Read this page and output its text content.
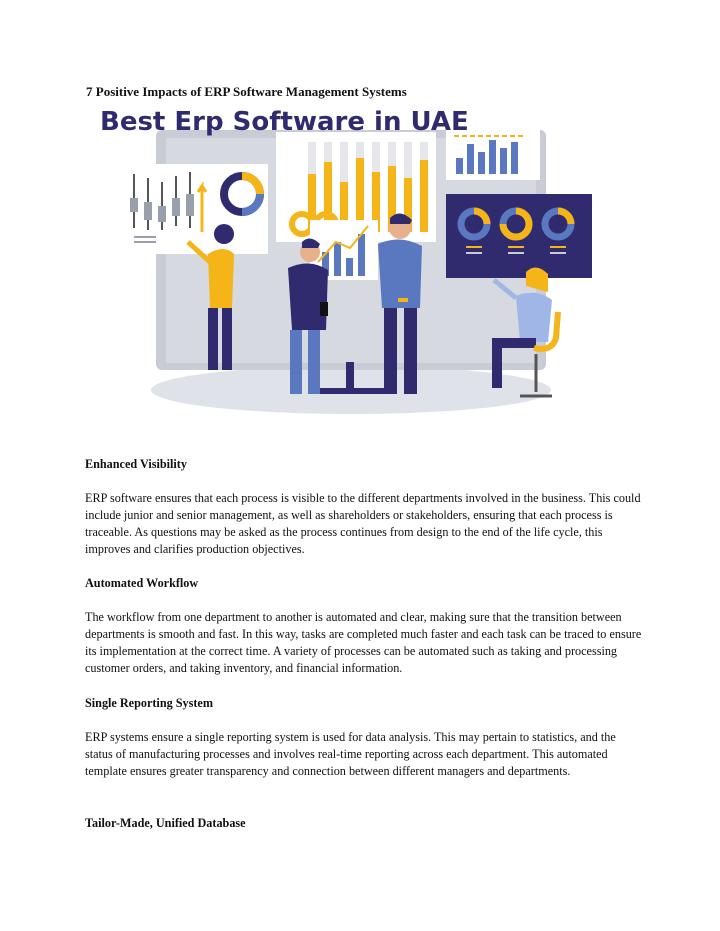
7 Positive Impacts of ERP Software Management Systems
Best Erp Software in UAE
Enhanced Visibility

ERP software ensures that each process is visible to the different departments involved in the business. This could include junior and senior management, as well as shareholders or stakeholders, ensuring that each process is traceable. As questions may be asked as the process continues from design to the end of the life cycle, this improves and clarifies production objectives.

Automated Workflow

The workflow from one department to another is automated and clear, making sure that the transition between departments is smooth and fast. In this way, tasks are completed much faster and each task can be traced to ensure its implementation at the correct time. A variety of processes can be automated such as taking and processing customer orders, and taking inventory, and financial information.

Single Reporting System

ERP systems ensure a single reporting system is used for data analysis. This may pertain to statistics, and the status of manufacturing processes and involves real-time reporting across each department. This automated template ensures greater transparency and connection between different managers and departments.

Tailor-Made, Unified Database
